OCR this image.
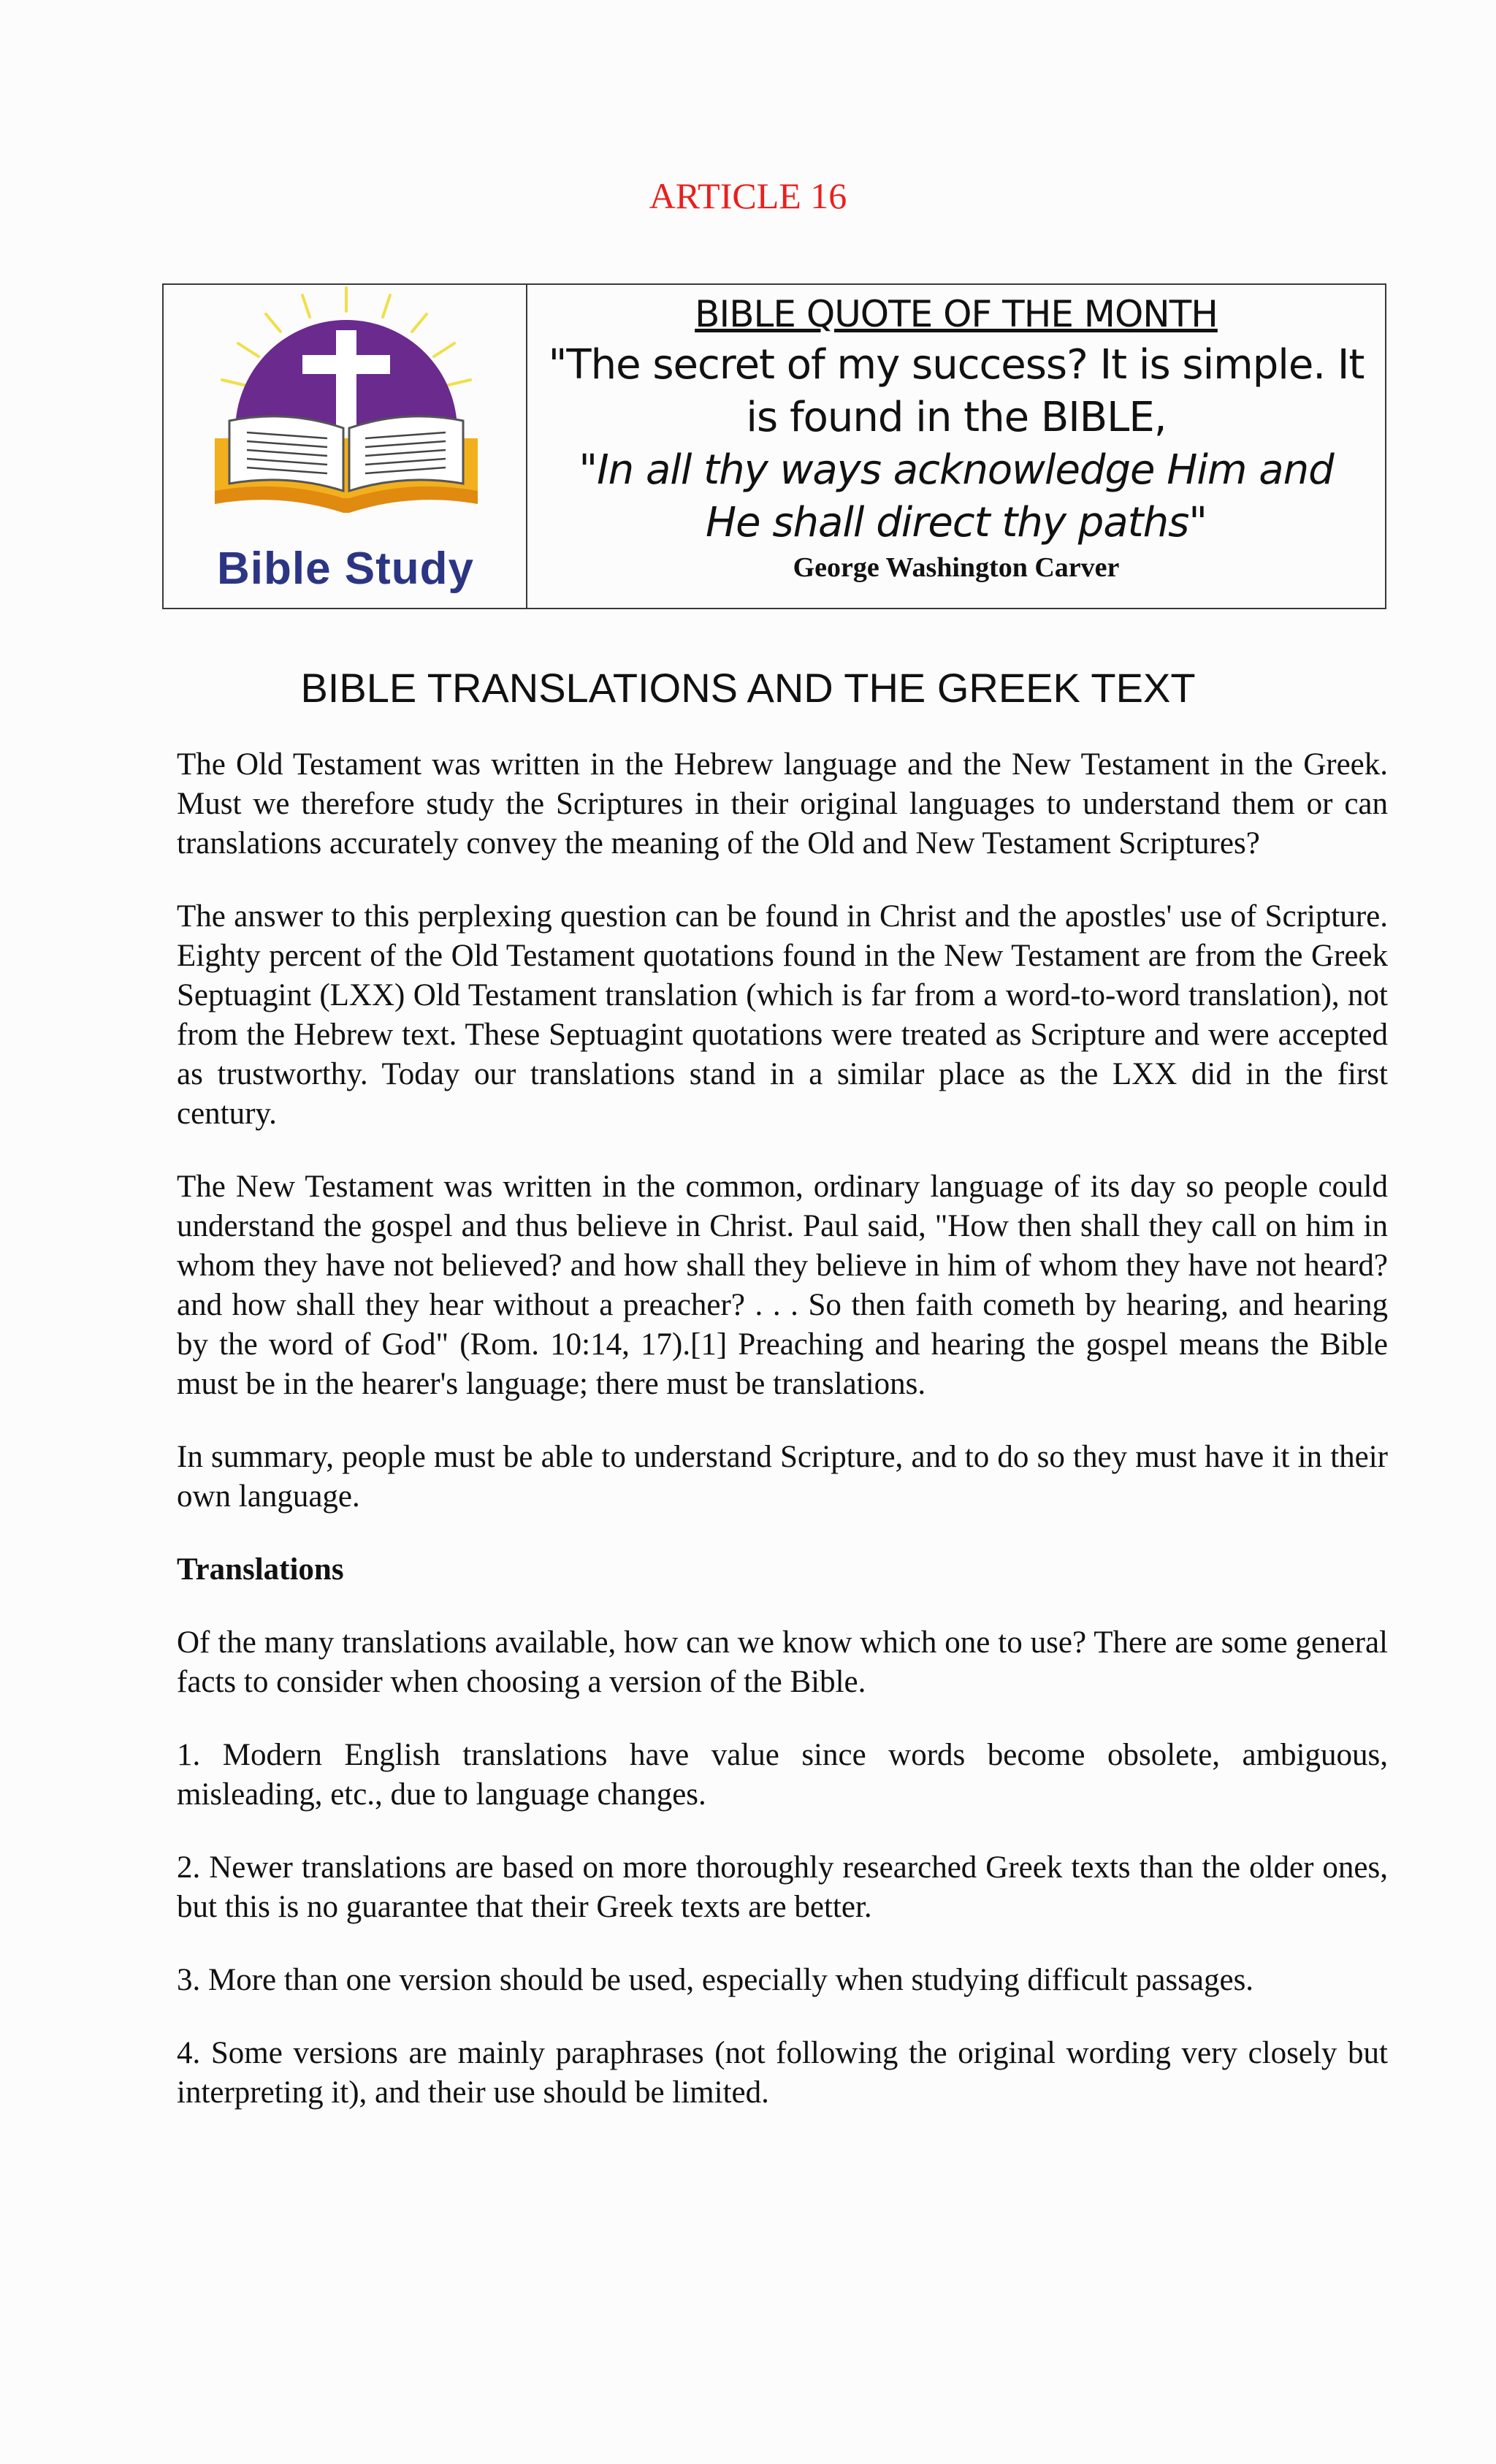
ARTICLE 16
Bible Study
BIBLE QUOTE OF THE MONTH
"The secret of my success? It is simple. It
is found in the BIBLE,
"In all thy ways acknowledge Him and
He shall direct thy paths"
George Washington Carver
BIBLE TRANSLATIONS AND THE GREEK TEXT

The Old Testament was written in the Hebrew language and the New Testament in the Greek. Must we therefore study the Scriptures in their original languages to understand them or can translations accurately convey the meaning of the Old and New Testament Scriptures?

The answer to this perplexing question can be found in Christ and the apostles' use of Scripture. Eighty percent of the Old Testament quotations found in the New Testament are from the Greek Septuagint (LXX) Old Testament translation (which is far from a word-to-word translation), not from the Hebrew text. These Septuagint quotations were treated as Scripture and were accepted as trustworthy. Today our translations stand in a similar place as the LXX did in the first century.

The New Testament was written in the common, ordinary language of its day so people could understand the gospel and thus believe in Christ. Paul said, "How then shall they call on him in whom they have not believed? and how shall they believe in him of whom they have not heard? and how shall they hear without a preacher? . . . So then faith cometh by hearing, and hearing by the word of God" (Rom. 10:14, 17).[1] Preaching and hearing the gospel means the Bible must be in the hearer's language; there must be translations.

In summary, people must be able to understand Scripture, and to do so they must have it in their own language.

Translations

Of the many translations available, how can we know which one to use? There are some general facts to consider when choosing a version of the Bible.

1. Modern English translations have value since words become obsolete, ambiguous, misleading, etc., due to language changes.

2. Newer translations are based on more thoroughly researched Greek texts than the older ones, but this is no guarantee that their Greek texts are better.

3. More than one version should be used, especially when studying difficult passages.

4. Some versions are mainly paraphrases (not following the original wording very closely but interpreting it), and their use should be limited.
